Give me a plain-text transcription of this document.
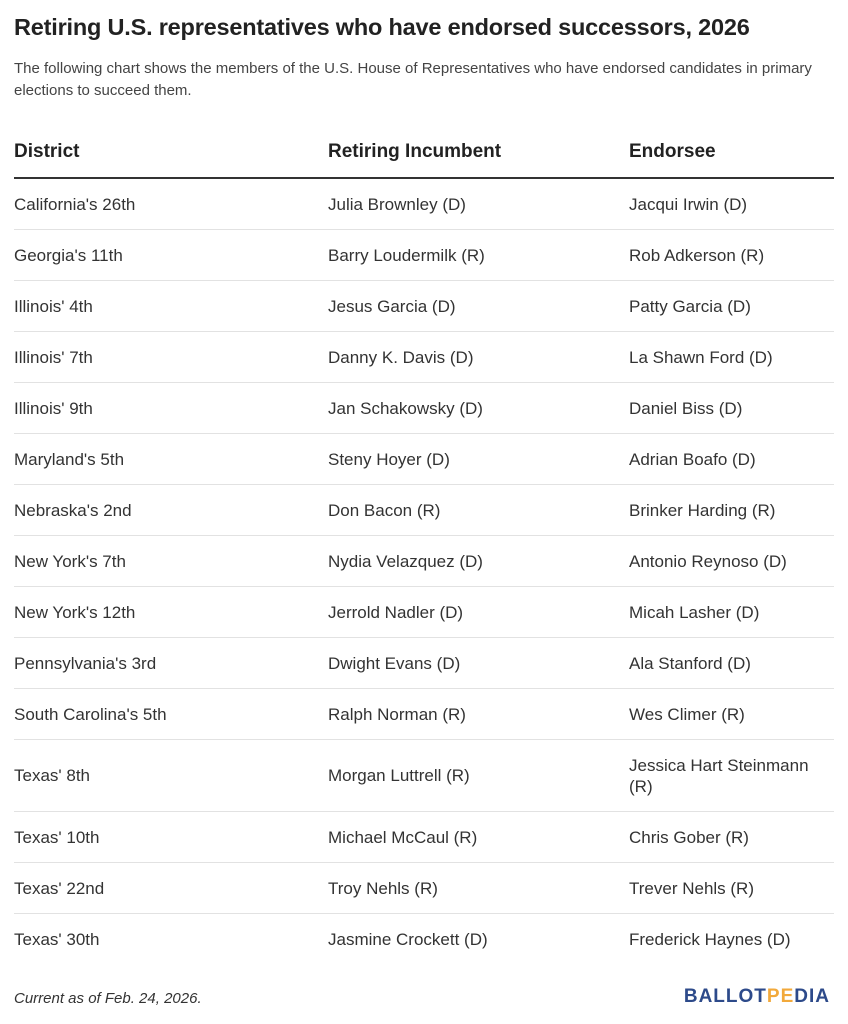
Retiring U.S. representatives who have endorsed successors, 2026
The following chart shows the members of the U.S. House of Representatives who have endorsed candidates in primary elections to succeed them.
District	Retiring Incumbent	Endorsee
California's 26th	Julia Brownley (D)	Jacqui Irwin (D)
Georgia's 11th	Barry Loudermilk (R)	Rob Adkerson (R)
Illinois' 4th	Jesus Garcia (D)	Patty Garcia (D)
Illinois' 7th	Danny K. Davis (D)	La Shawn Ford (D)
Illinois' 9th	Jan Schakowsky (D)	Daniel Biss (D)
Maryland's 5th	Steny Hoyer (D)	Adrian Boafo (D)
Nebraska's 2nd	Don Bacon (R)	Brinker Harding (R)
New York's 7th	Nydia Velazquez (D)	Antonio Reynoso (D)
New York's 12th	Jerrold Nadler (D)	Micah Lasher (D)
Pennsylvania's 3rd	Dwight Evans (D)	Ala Stanford (D)
South Carolina's 5th	Ralph Norman (R)	Wes Climer (R)
Texas' 8th	Morgan Luttrell (R)	Jessica Hart Steinmann (R)
Texas' 10th	Michael McCaul (R)	Chris Gober (R)
Texas' 22nd	Troy Nehls (R)	Trever Nehls (R)
Texas' 30th	Jasmine Crockett (D)	Frederick Haynes (D)
Current as of Feb. 24, 2026.	BALLOTPEDIA
